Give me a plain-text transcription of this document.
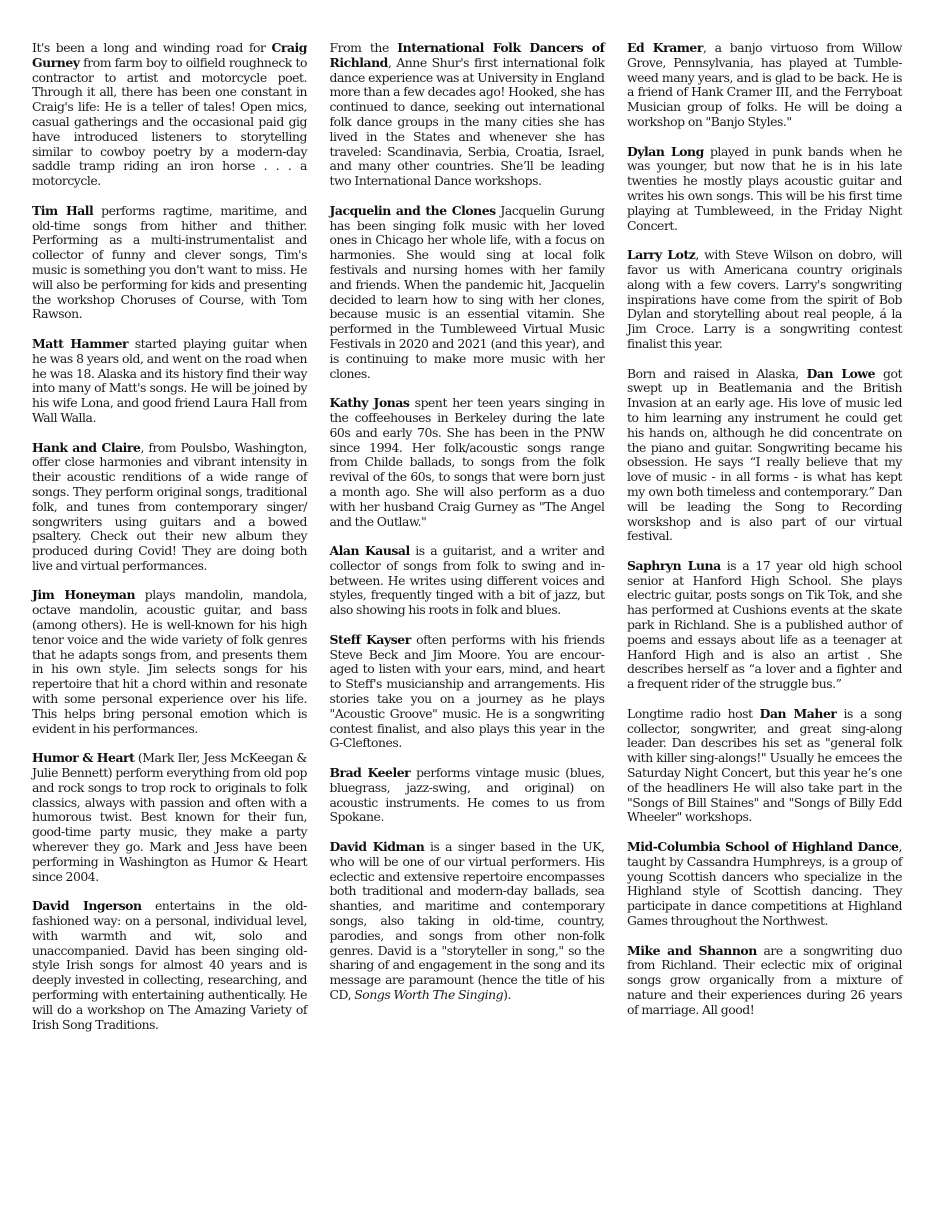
It's been a long and winding road for Craig Gurney from farm boy to oilfield roughneck to contractor to artist and motorcycle poet. Through it all, there has been one constant in Craig's life: He is a teller of tales! Open mics, casual gatherings and the occasional paid gig have introduced listeners to storytelling similar to cowboy poetry by a modern-day saddle tramp riding an iron horse . . . a motorcycle.

Tim Hall performs ragtime, maritime, and old-time songs from hither and thither. Performing as a multi-instrumentalist and collector of funny and clever songs, Tim's music is something you don't want to miss. He will also be performing for kids and presenting the workshop Choruses of Course, with Tom Rawson.

Matt Hammer started playing guitar when he was 8 years old, and went on the road when he was 18. Alaska and its history find their way into many of Matt's songs. He will be joined by his wife Lona, and good friend Laura Hall from Wall Walla.

Hank and Claire, from Poulsbo, Washington, offer close harmonies and vibrant intensity in their acoustic renditions of a wide range of songs. They perform original songs, traditional folk, and tunes from contemporary singer/ songwriters using guitars and a bowed psaltery. Check out their new album they produced during Covid! They are doing both live and virtual performances.

Jim Honeyman plays mandolin, mandola, octave mandolin, acoustic guitar, and bass (among others). He is well-known for his high tenor voice and the wide variety of folk genres that he adapts songs from, and presents them in his own style. Jim selects songs for his repertoire that hit a chord within and resonate with some personal experience over his life. This helps bring personal emotion which is evident in his performances.

Humor & Heart (Mark Iler, Jess McKeegan & Julie Bennett) perform everything from old pop and rock songs to trop rock to originals to folk classics, always with passion and often with a humorous twist. Best known for their fun, good-time party music, they make a party wherever they go. Mark and Jess have been performing in Washington as Humor & Heart since 2004.

David Ingerson entertains in the old-fashioned way: on a personal, individual level, with warmth and wit, solo and unaccompanied. David has been singing old-style Irish songs for almost 40 years and is deeply invested in collecting, researching, and performing with entertaining authentically. He will do a workshop on The Amazing Variety of Irish Song Traditions.

From the International Folk Dancers of Richland, Anne Shur's first international folk dance experience was at University in England more than a few decades ago! Hooked, she has continued to dance, seeking out international folk dance groups in the many cities she has lived in the States and whenever she has traveled: Scandinavia, Serbia, Croatia, Israel, and many other countries. She’ll be leading two International Dance workshops.

Jacquelin and the Clones Jacquelin Gurung has been singing folk music with her loved ones in Chicago her whole life, with a focus on harmonies. She would sing at local folk festivals and nursing homes with her family and friends. When the pandemic hit, Jacquelin decided to learn how to sing with her clones, because music is an essential vitamin. She performed in the Tumbleweed Virtual Music Festivals in 2020 and 2021 (and this year), and is continuing to make more music with her clones.

Kathy Jonas spent her teen years singing in the coffeehouses in Berkeley during the late 60s and early 70s. She has been in the PNW since 1994. Her folk/acoustic songs range from Childe ballads, to songs from the folk revival of the 60s, to songs that were born just a month ago. She will also perform as a duo with her husband Craig Gurney as "The Angel and the Outlaw."

Alan Kausal is a guitarist, and a writer and collector of songs from folk to swing and in-between. He writes using different voices and styles, frequently tinged with a bit of jazz, but also showing his roots in folk and blues.

Steff Kayser often performs with his friends Steve Beck and Jim Moore. You are encour-aged to listen with your ears, mind, and heart to Steff's musicianship and arrangements. His stories take you on a journey as he plays "Acoustic Groove" music. He is a songwriting contest finalist, and also plays this year in the G-Cleftones.

Brad Keeler performs vintage music (blues, bluegrass, jazz-swing, and original) on acoustic instruments. He comes to us from Spokane.

David Kidman is a singer based in the UK, who will be one of our virtual performers. His eclectic and extensive repertoire encompasses both traditional and modern-day ballads, sea shanties, and maritime and contemporary songs, also taking in old-time, country, parodies, and songs from other non-folk genres. David is a "storyteller in song," so the sharing of and engagement in the song and its message are paramount (hence the title of his CD, Songs Worth The Singing).

Ed Kramer, a banjo virtuoso from Willow Grove, Pennsylvania, has played at Tumble-weed many years, and is glad to be back. He is a friend of Hank Cramer III, and the Ferryboat Musician group of folks. He will be doing a workshop on "Banjo Styles."

Dylan Long played in punk bands when he was younger, but now that he is in his late twenties he mostly plays acoustic guitar and writes his own songs. This will be his first time playing at Tumbleweed, in the Friday Night Concert.

Larry Lotz, with Steve Wilson on dobro, will favor us with Americana country originals along with a few covers. Larry's songwriting inspirations have come from the spirit of Bob Dylan and storytelling about real people, á la Jim Croce. Larry is a songwriting contest finalist this year.

Born and raised in Alaska, Dan Lowe got swept up in Beatlemania and the British Invasion at an early age. His love of music led to him learning any instrument he could get his hands on, although he did concentrate on the piano and guitar. Songwriting became his obsession. He says “I really believe that my love of music - in all forms - is what has kept my own both timeless and contemporary.” Dan will be leading the Song to Recording worskshop and is also part of our virtual festival.

Saphryn Luna is a 17 year old high school senior at Hanford High School. She plays electric guitar, posts songs on Tik Tok, and she has performed at Cushions events at the skate park in Richland. She is a published author of poems and essays about life as a teenager at Hanford High and is also an artist . She describes herself as “a lover and a fighter and a frequent rider of the struggle bus.”

Longtime radio host Dan Maher is a song collector, songwriter, and great sing-along leader. Dan describes his set as "general folk with killer sing-alongs!" Usually he emcees the Saturday Night Concert, but this year he’s one of the headliners He will also take part in the "Songs of Bill Staines" and "Songs of Billy Edd Wheeler" workshops.

Mid-Columbia School of Highland Dance, taught by Cassandra Humphreys, is a group of young Scottish dancers who specialize in the Highland style of Scottish dancing. They participate in dance competitions at Highland Games throughout the Northwest.

Mike and Shannon are a songwriting duo from Richland. Their eclectic mix of original songs grow organically from a mixture of nature and their experiences during 26 years of marriage. All good!
